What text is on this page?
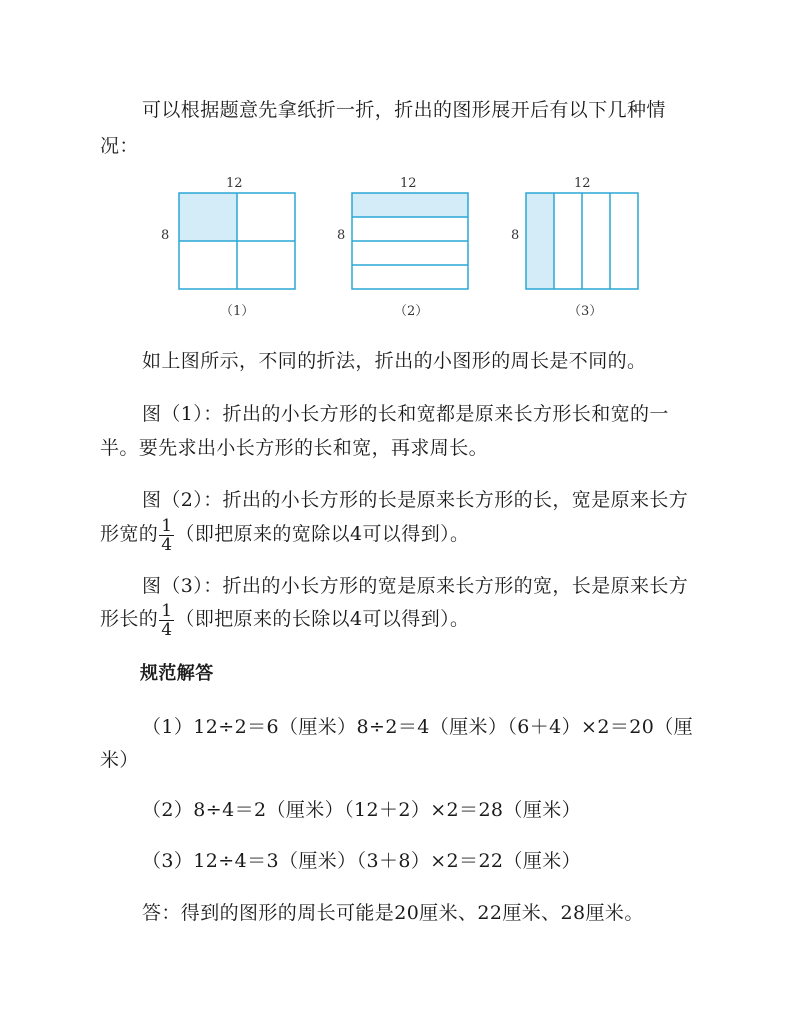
可以根据题意先拿纸折一折，折出的图形展开后有以下几种情
况：
12
8
（1）
12
8
（2）
12
8
（3）
如上图所示，不同的折法，折出的小图形的周长是不同的。
图（1）：折出的小长方形的长和宽都是原来长方形长和宽的一
半。要先求出小长方形的长和宽，再求周长。
图（2）：折出的小长方形的长是原来长方形的长，宽是原来长方
形宽的 $\frac{1}{4}$ （即把原来的宽除以4可以得到）。
图（3）：折出的小长方形的宽是原来长方形的宽，长是原来长方
形长的 $\frac{1}{4}$ （即把原来的长除以4可以得到）。
规范解答
（1）12÷2＝6（厘米）8÷2＝4（厘米）（6＋4）×2＝20（厘
米）
（2）8÷4＝2（厘米）（12＋2）×2＝28（厘米）
（3）12÷4＝3（厘米）（3＋8）×2＝22（厘米）
答：得到的图形的周长可能是20厘米、22厘米、28厘米。
